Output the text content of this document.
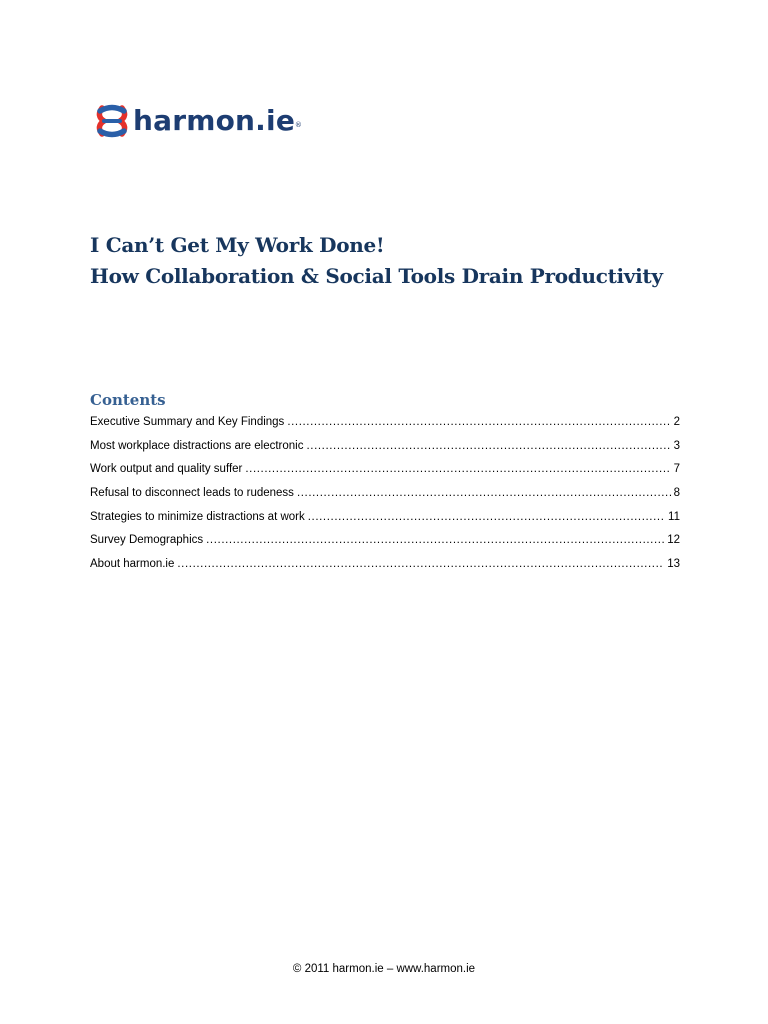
harmon.ie ®
I Can’t Get My Work Done!
How Collaboration & Social Tools Drain Productivity
Contents
Executive Summary and Key Findings .....	2
Most workplace distractions are electronic .....	3
Work output and quality suffer .....	7
Refusal to disconnect leads to rudeness .....	8
Strategies to minimize distractions at work .....	11
Survey Demographics .....	12
About harmon.ie .....	13
© 2011 harmon.ie – www.harmon.ie
